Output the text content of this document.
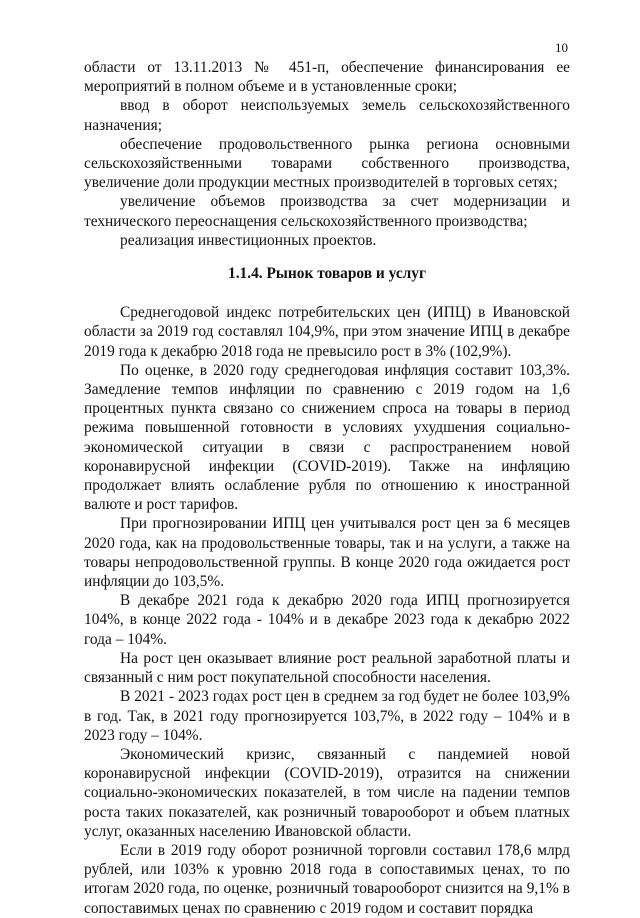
10

области от 13.11.2013 № 451-п, обеспечение финансирования ее мероприятий в полном объеме и в установленные сроки;

ввод в оборот неиспользуемых земель сельскохозяйственного назначения;

обеспечение продовольственного рынка региона основными сельскохозяйственными товарами собственного производства, увеличение доли продукции местных производителей в торговых сетях;

увеличение объемов производства за счет модернизации и технического переоснащения сельскохозяйственного производства;

реализация инвестиционных проектов.

1.1.4. Рынок товаров и услуг

Среднегодовой индекс потребительских цен (ИПЦ) в Ивановской области за 2019 год составлял 104,9%, при этом значение ИПЦ в декабре 2019 года к декабрю 2018 года не превысило рост в 3% (102,9%).

По оценке, в 2020 году среднегодовая инфляция составит 103,3%. Замедление темпов инфляции по сравнению с 2019 годом на 1,6 процентных пункта связано со снижением спроса на товары в период режима повышенной готовности в условиях ухудшения социально-экономической ситуации в связи с распространением новой коронавирусной инфекции (COVID-2019). Также на инфляцию продолжает влиять ослабление рубля по отношению к иностранной валюте и рост тарифов.

При прогнозировании ИПЦ цен учитывался рост цен за 6 месяцев 2020 года, как на продовольственные товары, так и на услуги, а также на товары непродовольственной группы. В конце 2020 года ожидается рост инфляции до 103,5%.

В декабре 2021 года к декабрю 2020 года ИПЦ прогнозируется 104%, в конце 2022 года - 104% и в декабре 2023 года к декабрю 2022 года – 104%.

На рост цен оказывает влияние рост реальной заработной платы и связанный с ним рост покупательной способности населения.

В 2021 - 2023 годах рост цен в среднем за год будет не более 103,9% в год. Так, в 2021 году прогнозируется 103,7%, в 2022 году – 104% и в 2023 году – 104%.

Экономический кризис, связанный с пандемией новой коронавирусной инфекции (COVID-2019), отразится на снижении социально-экономических показателей, в том числе на падении темпов роста таких показателей, как розничный товарооборот и объем платных услуг, оказанных населению Ивановской области.

Если в 2019 году оборот розничной торговли составил 178,6 млрд рублей, или 103% к уровню 2018 года в сопоставимых ценах, то по итогам 2020 года, по оценке, розничный товарооборот снизится на 9,1% в сопоставимых ценах по сравнению с 2019 годом и составит порядка
